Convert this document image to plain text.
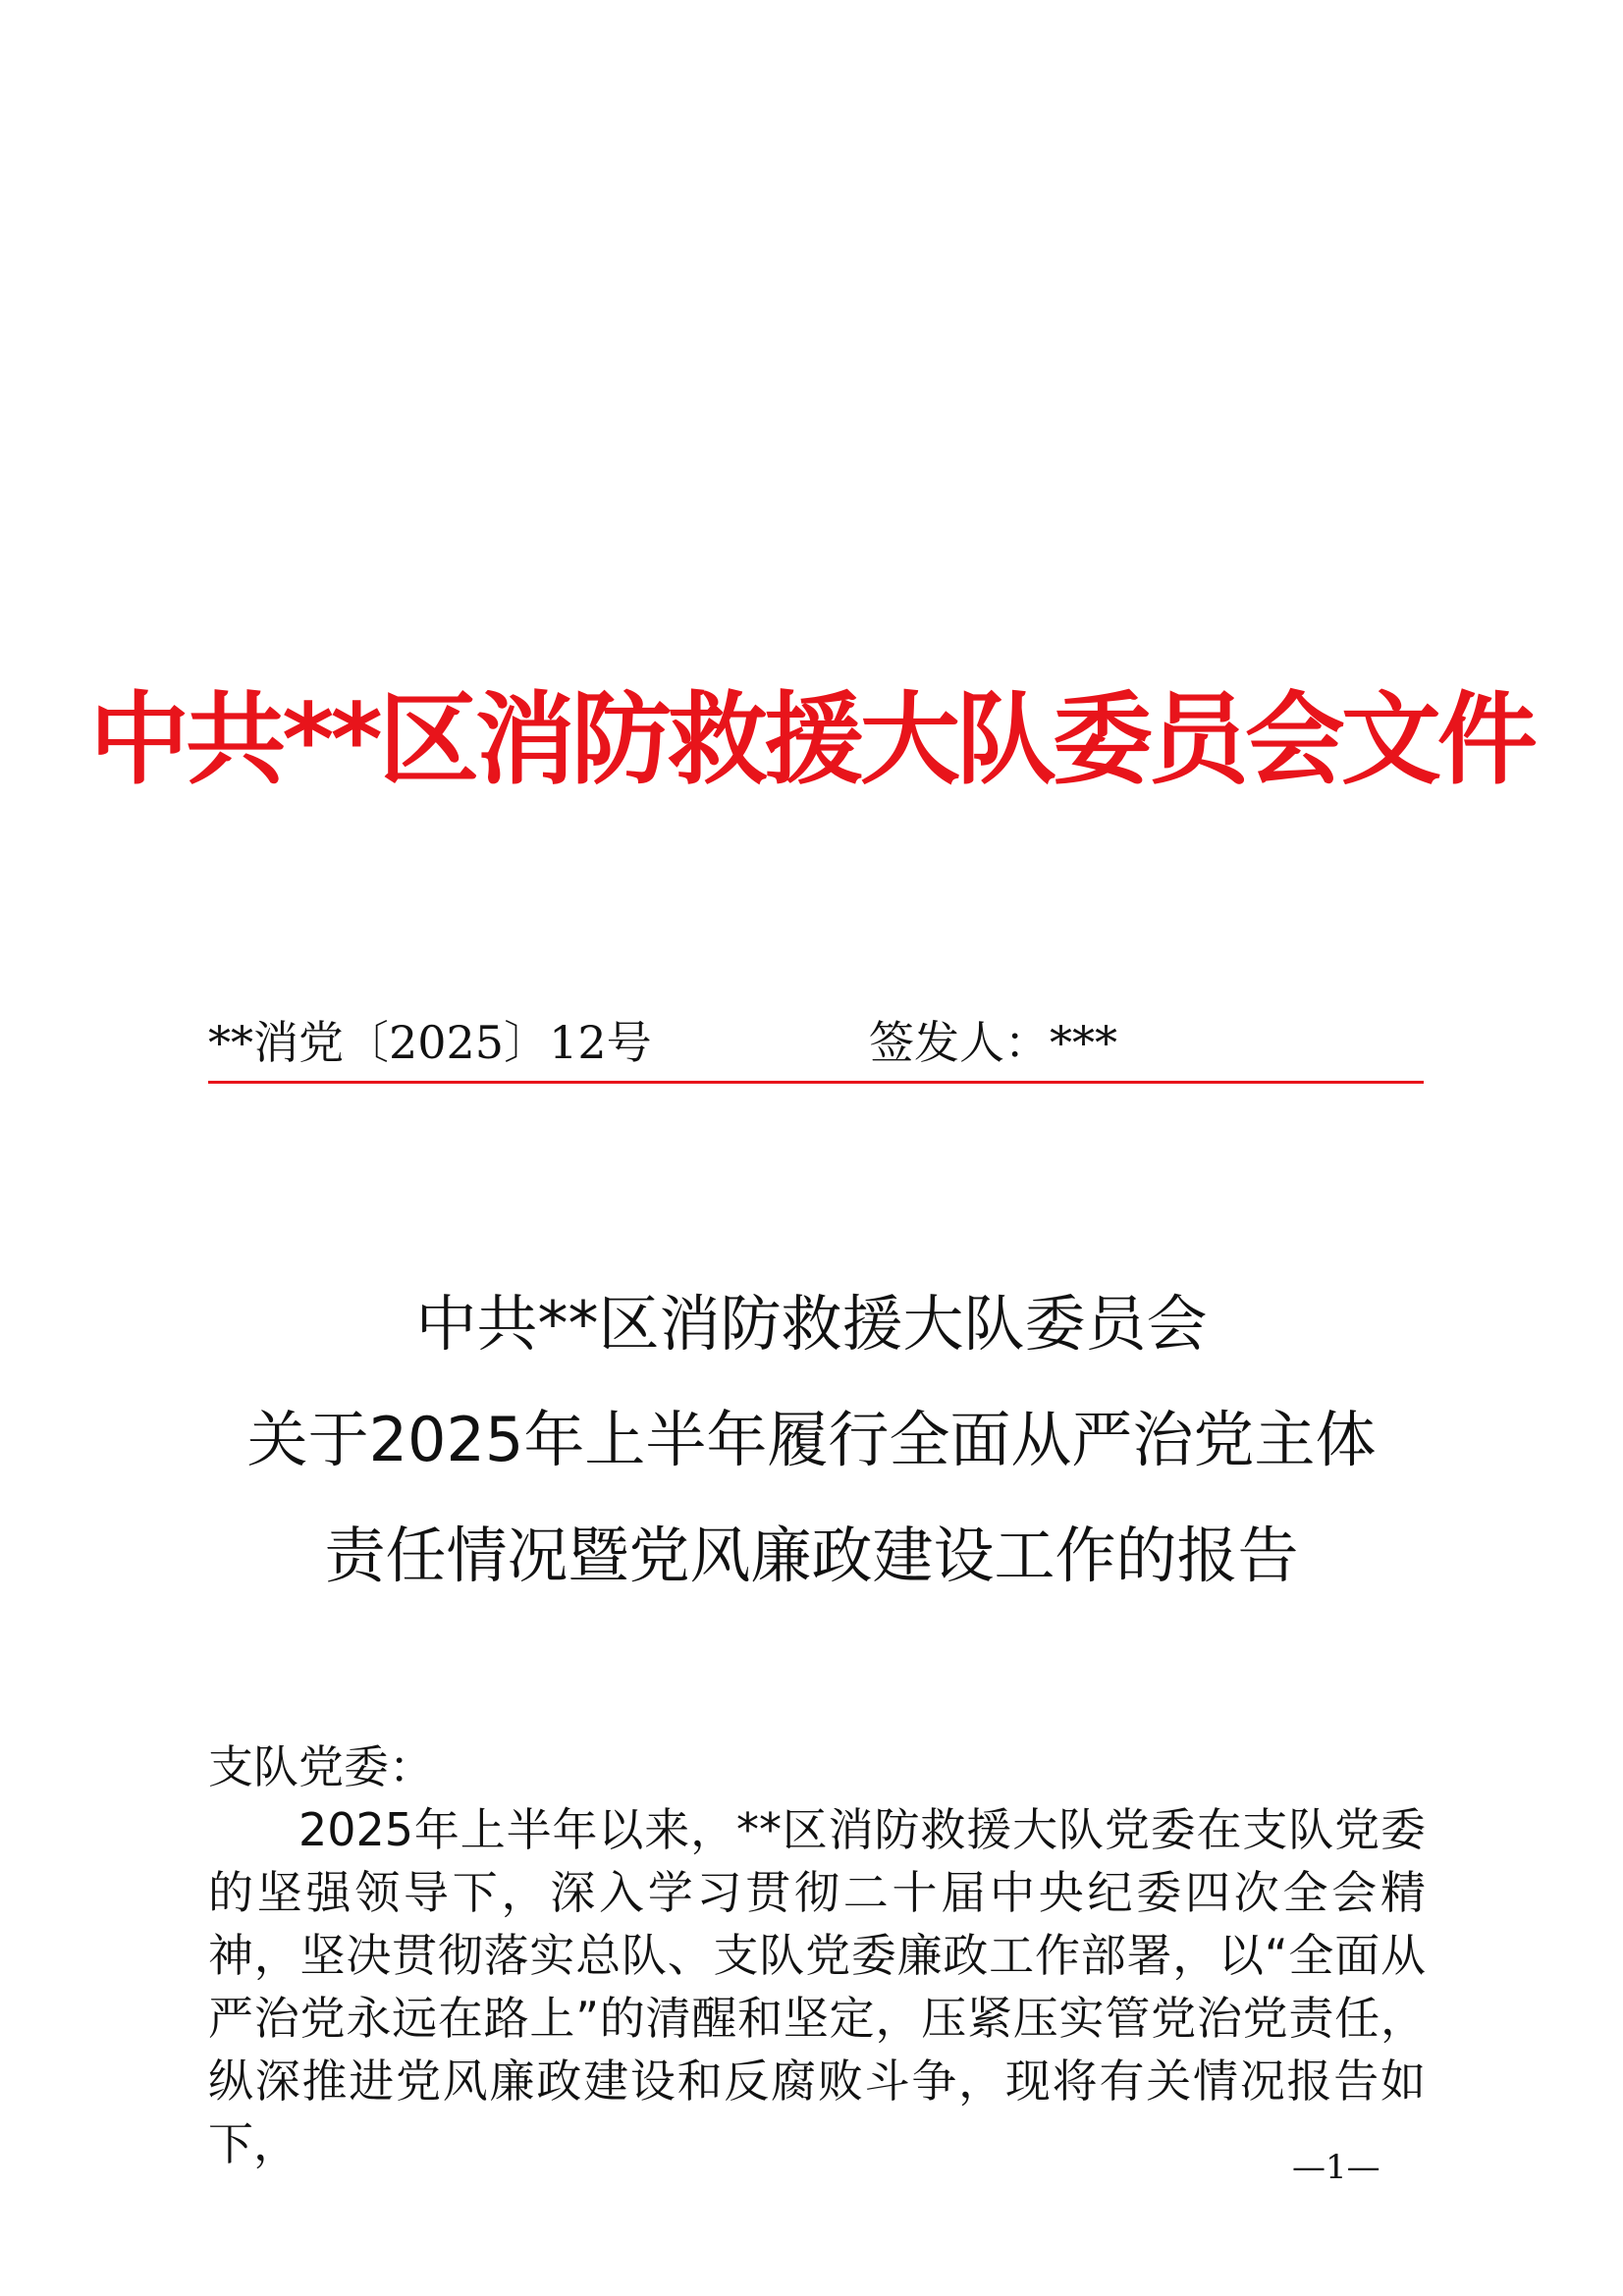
中共**区消防救援大队委员会文件
**消党〔2025〕12号	签发人：***
中共**区消防救援大队委员会
关于2025年上半年履行全面从严治党主体
责任情况暨党风廉政建设工作的报告
支队党委：
2025年上半年以来，**区消防救援大队党委在支队党委的坚强领导下，深入学习贯彻二十届中央纪委四次全会精神，坚决贯彻落实总队、支队党委廉政工作部署，以“全面从严治党永远在路上”的清醒和坚定，压紧压实管党治党责任，纵深推进党风廉政建设和反腐败斗争，现将有关情况报告如下，	—1—
